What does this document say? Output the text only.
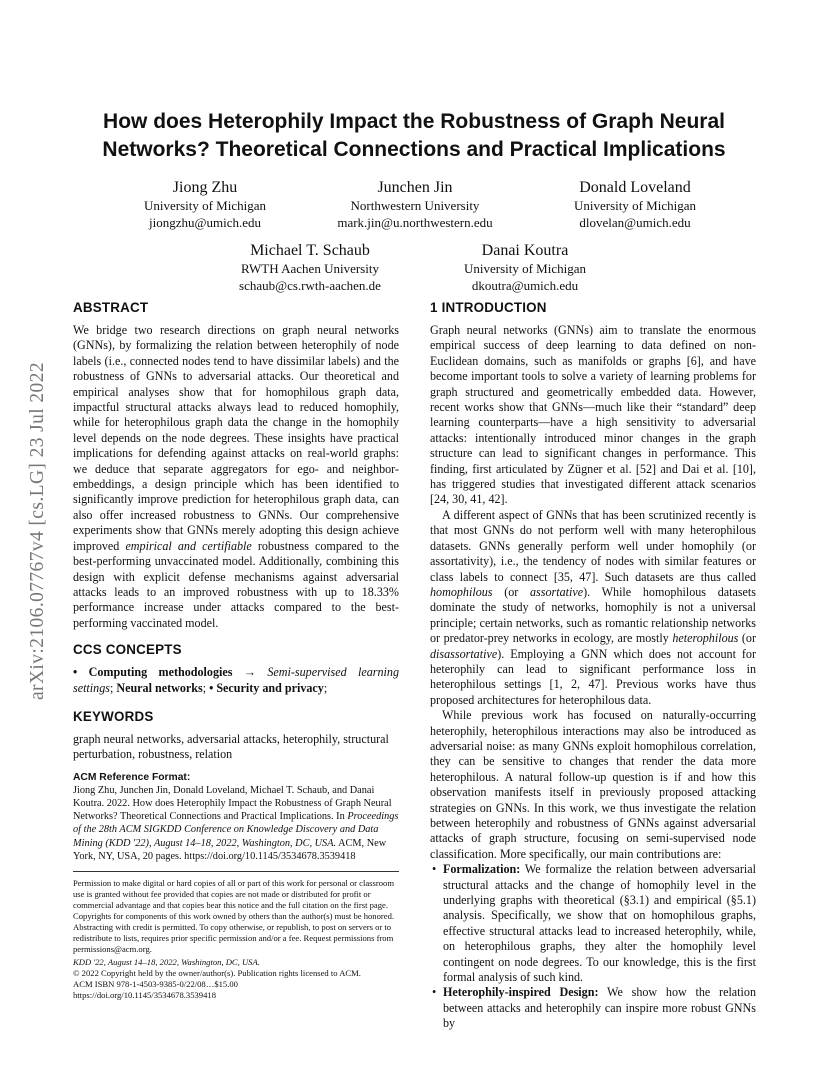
arXiv:2106.07767v4 [cs.LG] 23 Jul 2022
How does Heterophily Impact the Robustness of Graph Neural
Networks? Theoretical Connections and Practical Implications
Jiong Zhu
University of Michigan
jiongzhu@umich.edu
Junchen Jin
Northwestern University
mark.jin@u.northwestern.edu
Donald Loveland
University of Michigan
dlovelan@umich.edu
Michael T. Schaub
RWTH Aachen University
schaub@cs.rwth-aachen.de
Danai Koutra
University of Michigan
dkoutra@umich.edu
ABSTRACT

We bridge two research directions on graph neural networks (GNNs), by formalizing the relation between heterophily of node labels (i.e., connected nodes tend to have dissimilar labels) and the robustness of GNNs to adversarial attacks. Our theoretical and empirical analyses show that for homophilous graph data, impactful structural attacks always lead to reduced homophily, while for heterophilous graph data the change in the homophily level depends on the node degrees. These insights have practical implications for defending against attacks on real-world graphs: we deduce that separate aggregators for ego- and neighbor-embeddings, a design principle which has been identified to significantly improve prediction for heterophilous graph data, can also offer increased robustness to GNNs. Our comprehensive experiments show that GNNs merely adopting this design achieve improved empirical and certifiable robustness compared to the best-performing unvaccinated model. Additionally, combining this design with explicit defense mechanisms against adversarial attacks leads to an improved robustness with up to 18.33% performance increase under attacks compared to the best-performing vaccinated model.

CCS CONCEPTS

• Computing methodologies → Semi-supervised learning settings; Neural networks; • Security and privacy;

KEYWORDS

graph neural networks, adversarial attacks, heterophily, structural perturbation, robustness, relation

ACM Reference Format:

Jiong Zhu, Junchen Jin, Donald Loveland, Michael T. Schaub, and Danai Koutra. 2022. How does Heterophily Impact the Robustness of Graph Neural Networks? Theoretical Connections and Practical Implications. In Proceedings of the 28th ACM SIGKDD Conference on Knowledge Discovery and Data Mining (KDD '22), August 14–18, 2022, Washington, DC, USA. ACM, New York, NY, USA, 20 pages. https://doi.org/10.1145/3534678.3539418

Permission to make digital or hard copies of all or part of this work for personal or classroom use is granted without fee provided that copies are not made or distributed for profit or commercial advantage and that copies bear this notice and the full citation on the first page. Copyrights for components of this work owned by others than the author(s) must be honored. Abstracting with credit is permitted. To copy otherwise, or republish, to post on servers or to redistribute to lists, requires prior specific permission and/or a fee. Request permissions from permissions@acm.org.

KDD '22, August 14–18, 2022, Washington, DC, USA.

© 2022 Copyright held by the owner/author(s). Publication rights licensed to ACM.

ACM ISBN 978-1-4503-9385-0/22/08…$15.00

https://doi.org/10.1145/3534678.3539418

1 INTRODUCTION

Graph neural networks (GNNs) aim to translate the enormous empirical success of deep learning to data defined on non-Euclidean domains, such as manifolds or graphs [6], and have become important tools to solve a variety of learning problems for graph structured and geometrically embedded data. However, recent works show that GNNs—much like their “standard” deep learning counterparts—have a high sensitivity to adversarial attacks: intentionally introduced minor changes in the graph structure can lead to significant changes in performance. This finding, first articulated by Zügner et al. [52] and Dai et al. [10], has triggered studies that investigated different attack scenarios [24, 30, 41, 42].

A different aspect of GNNs that has been scrutinized recently is that most GNNs do not perform well with many heterophilous datasets. GNNs generally perform well under homophily (or assortativity), i.e., the tendency of nodes with similar features or class labels to connect [35, 47]. Such datasets are thus called homophilous (or assortative). While homophilous datasets dominate the study of networks, homophily is not a universal principle; certain networks, such as romantic relationship networks or predator-prey networks in ecology, are mostly heterophilous (or disassortative). Employing a GNN which does not account for heterophily can lead to significant performance loss in heterophilous settings [1, 2, 47]. Previous works have thus proposed architectures for heterophilous data.

While previous work has focused on naturally-occurring heterophily, heterophilous interactions may also be introduced as adversarial noise: as many GNNs exploit homophilous correlation, they can be sensitive to changes that render the data more heterophilous. A natural follow-up question is if and how this observation manifests itself in previously proposed attacking strategies on GNNs. In this work, we thus investigate the relation between heterophily and robustness of GNNs against adversarial attacks of graph structure, focusing on semi-supervised node classification. More specifically, our main contributions are:

• Formalization: We formalize the relation between adversarial structural attacks and the change of homophily level in the underlying graphs with theoretical (§3.1) and empirical (§5.1) analysis. Specifically, we show that on homophilous graphs, effective structural attacks lead to increased heterophily, while, on heterophilous graphs, they alter the homophily level contingent on node degrees. To our knowledge, this is the first formal analysis of such kind.
• Heterophily-inspired Design: We show how the relation between attacks and heterophily can inspire more robust GNNs by
